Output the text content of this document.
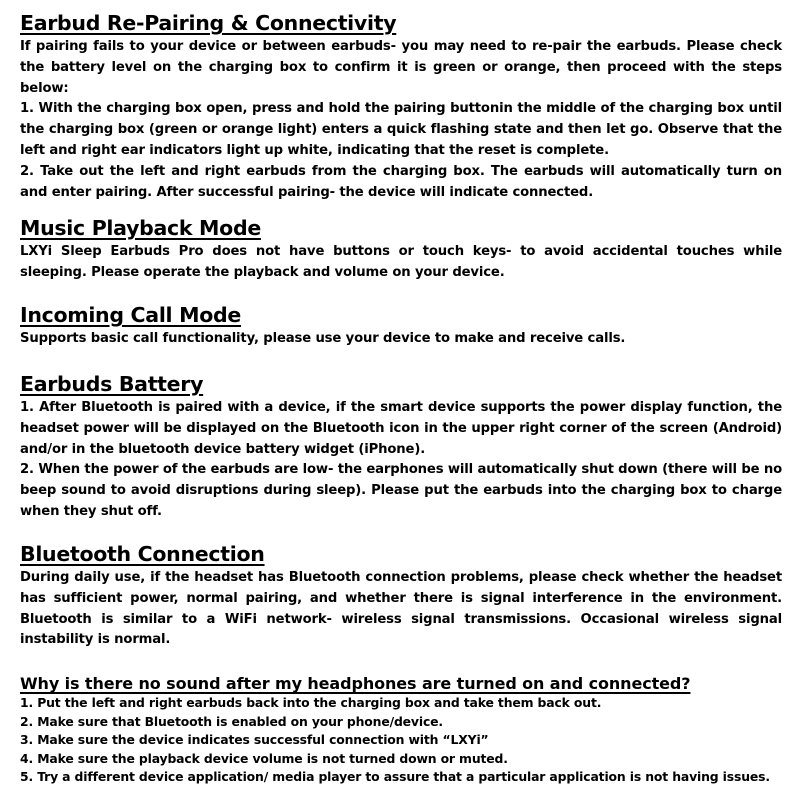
Earbud Re-Pairing & Connectivity

If pairing fails to your device or between earbuds- you may need to re-pair the earbuds. Please check the battery level on the charging box to confirm it is green or orange, then proceed with the steps below:

1. With the charging box open, press and hold the pairing buttonin the middle of the charging box until the charging box (green or orange light) enters a quick flashing state and then let go. Observe that the left and right ear indicators light up white, indicating that the reset is complete.

2. Take out the left and right earbuds from the charging box. The earbuds will automatically turn on and enter pairing. After successful pairing- the device will indicate connected.

Music Playback Mode

LXYi Sleep Earbuds Pro does not have buttons or touch keys- to avoid accidental touches while sleeping. Please operate the playback and volume on your device.

Incoming Call Mode

Supports basic call functionality, please use your device to make and receive calls.

Earbuds Battery

1. After Bluetooth is paired with a device, if the smart device supports the power display function, the headset power will be displayed on the Bluetooth icon in the upper right corner of the screen (Android) and/or in the bluetooth device battery widget (iPhone).

2. When the power of the earbuds are low- the earphones will automatically shut down (there will be no beep sound to avoid disruptions during sleep). Please put the earbuds into the charging box to charge when they shut off.

Bluetooth Connection

During daily use, if the headset has Bluetooth connection problems, please check whether the headset has sufficient power, normal pairing, and whether there is signal interference in the environment. Bluetooth is similar to a WiFi network- wireless signal transmissions. Occasional wireless signal instability is normal.

Why is there no sound after my headphones are turned on and connected?

1. Put the left and right earbuds back into the charging box and take them back out.

2. Make sure that Bluetooth is enabled on your phone/device.

3. Make sure the device indicates successful connection with “LXYi”

4. Make sure the playback device volume is not turned down or muted.

5. Try a different device application/ media player to assure that a particular application is not having issues.
